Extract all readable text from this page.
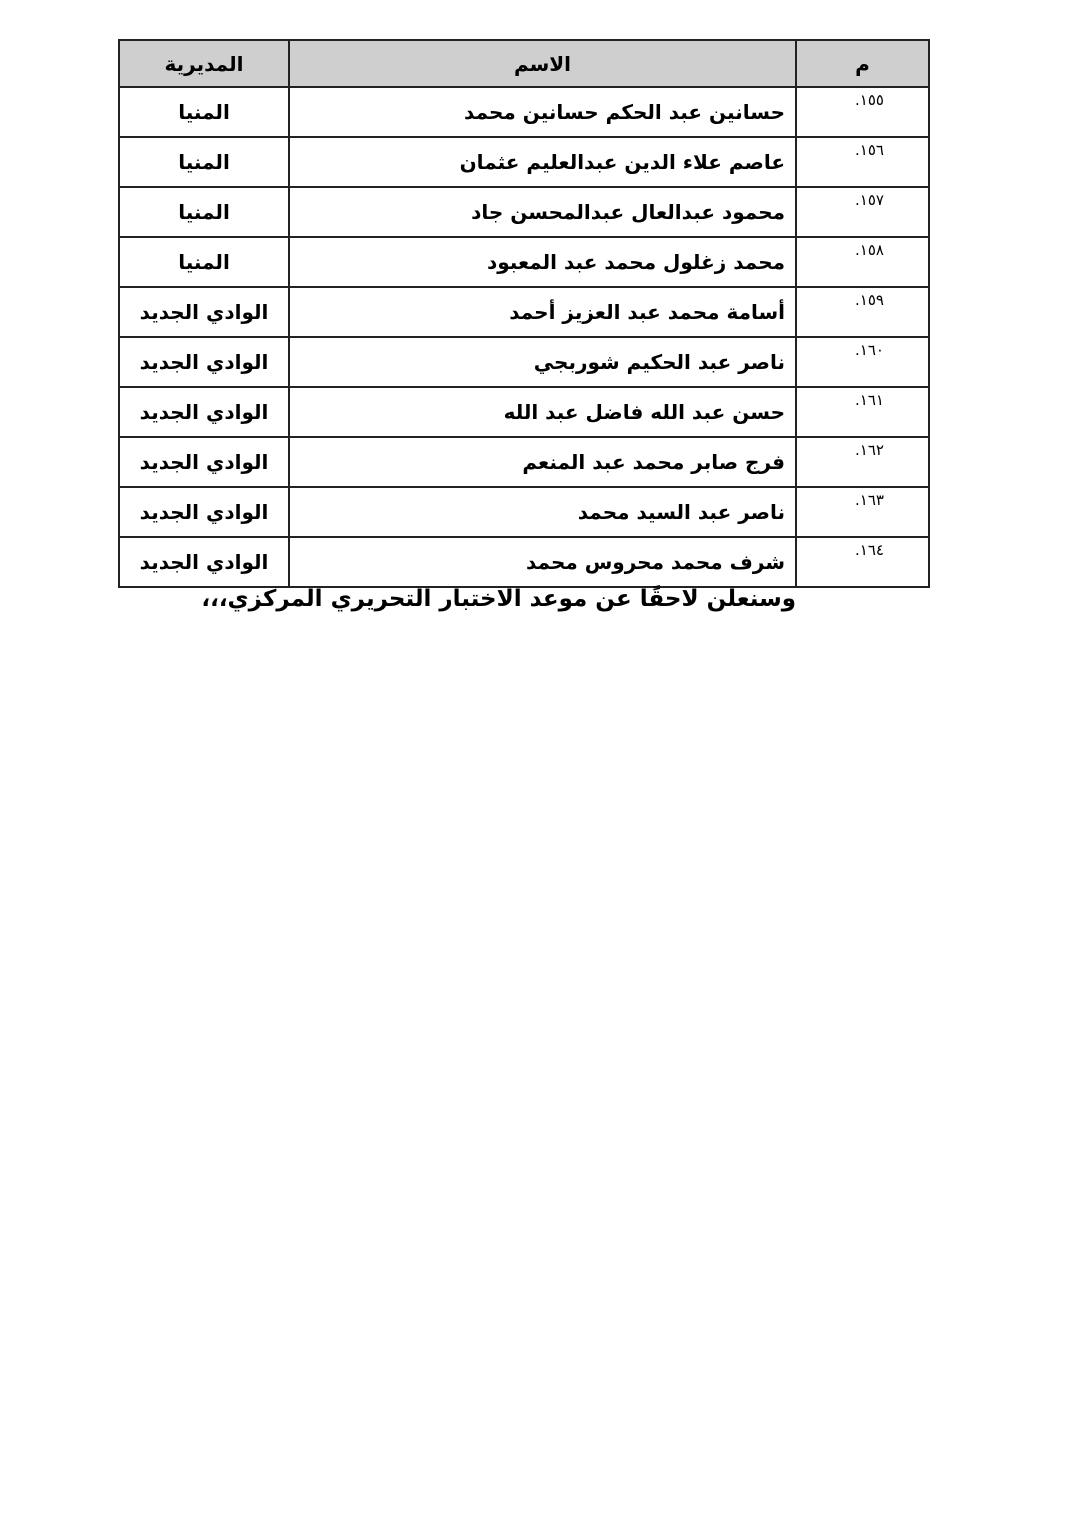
م	الاسم	المديرية
١٥٥.	حسانين عبد الحكم حسانين محمد	المنيا
١٥٦.	عاصم علاء الدين عبدالعليم عثمان	المنيا
١٥٧.	محمود عبدالعال عبدالمحسن جاد	المنيا
١٥٨.	محمد زغلول محمد عبد المعبود	المنيا
١٥٩.	أسامة محمد عبد العزيز أحمد	الوادي الجديد
١٦٠.	ناصر عبد الحكيم شوربجي	الوادي الجديد
١٦١.	حسن عبد الله فاضل عبد الله	الوادي الجديد
١٦٢.	فرج صابر محمد عبد المنعم	الوادي الجديد
١٦٣.	ناصر عبد السيد محمد	الوادي الجديد
١٦٤.	شرف محمد محروس محمد	الوادي الجديد
وسنعلن لاحقًا عن موعد الاختبار التحريري المركزي،،،
